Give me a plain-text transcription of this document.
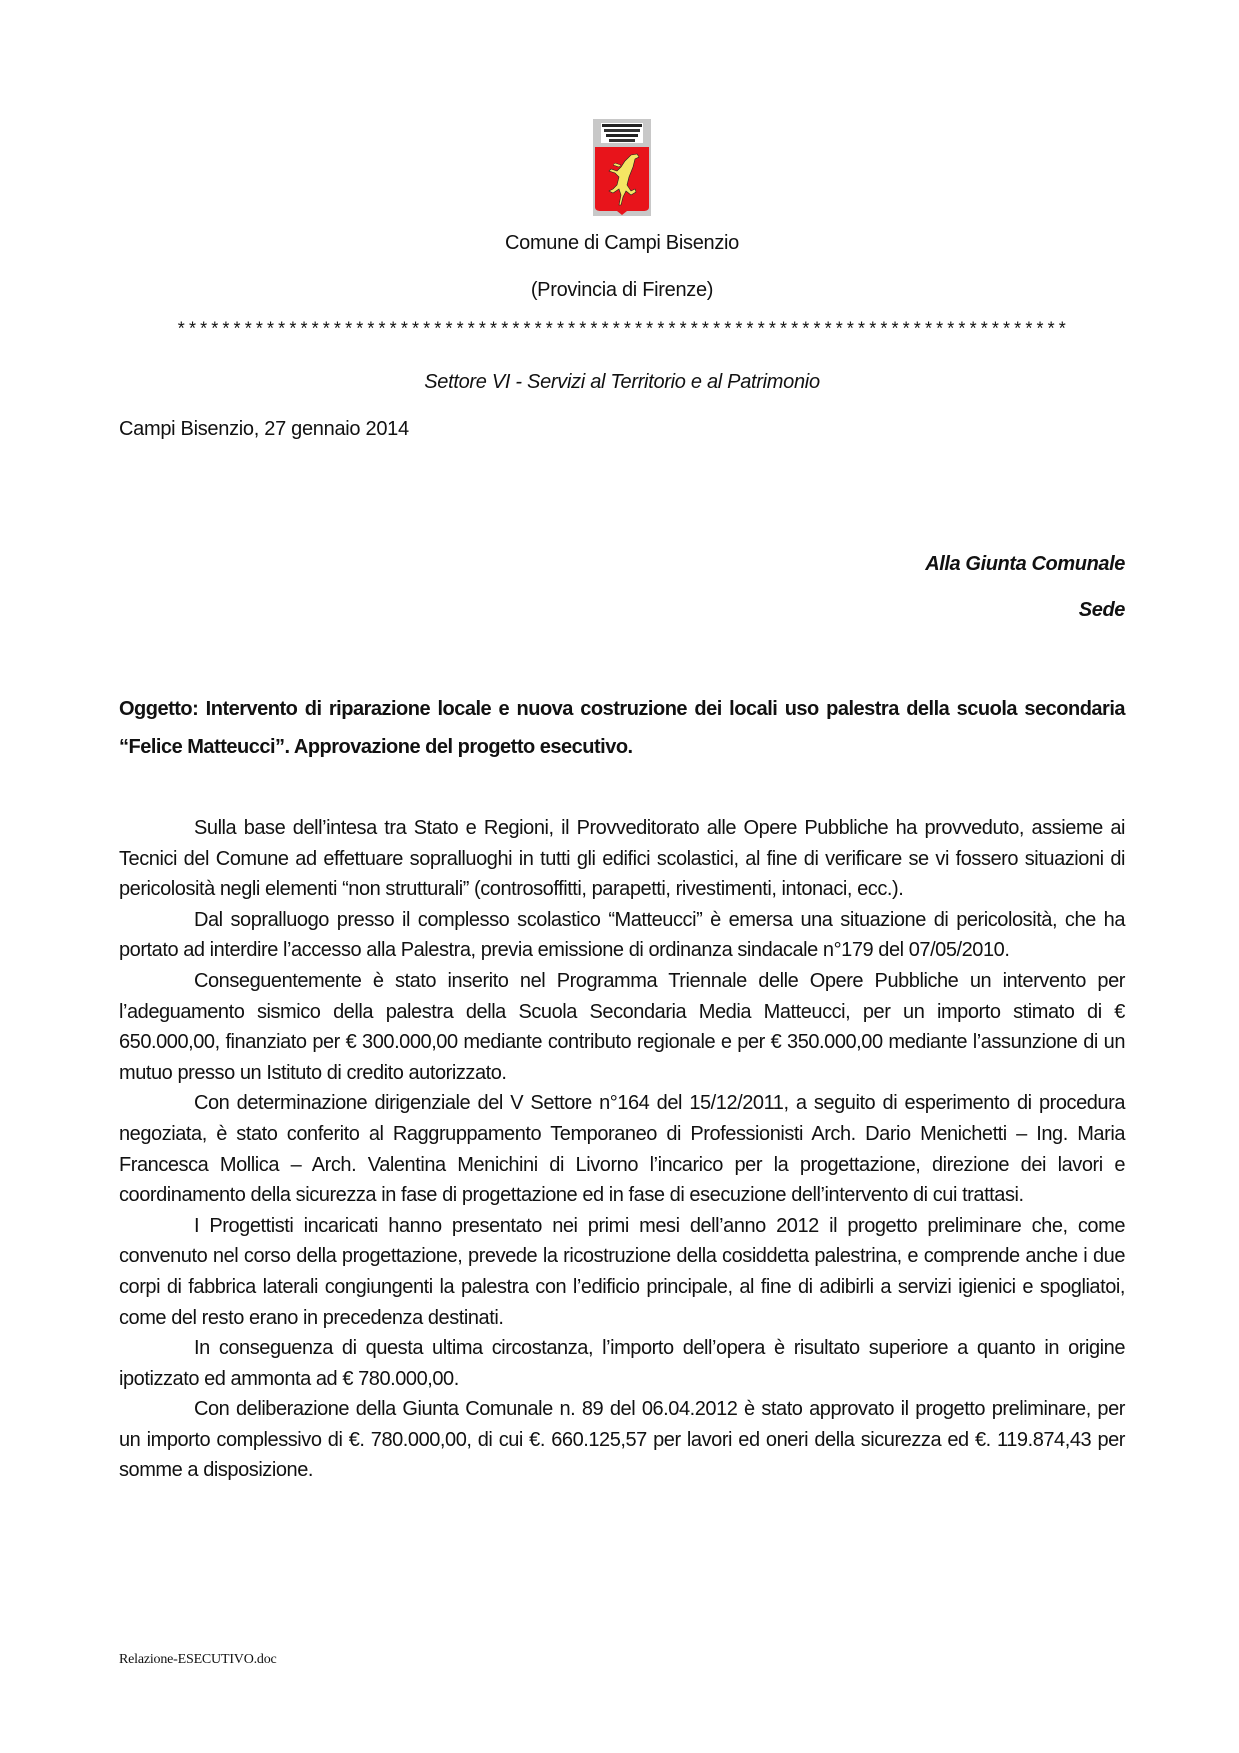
Comune di Campi Bisenzio
(Provincia di Firenze)
********************************************************************************
Settore VI - Servizi al Territorio e al Patrimonio
Campi Bisenzio, 27 gennaio 2014
Alla Giunta Comunale
Sede
Oggetto: Intervento di riparazione locale e nuova costruzione dei locali uso palestra della scuola secondaria “Felice Matteucci”. Approvazione del progetto esecutivo.

Sulla base dell’intesa tra Stato e Regioni, il Provveditorato alle Opere Pubbliche ha provveduto, assieme ai Tecnici del Comune ad effettuare sopralluoghi in tutti gli edifici scolastici, al fine di verificare se vi fossero situazioni di pericolosità negli elementi “non strutturali” (controsoffitti, parapetti, rivestimenti, intonaci, ecc.).

Dal sopralluogo presso il complesso scolastico “Matteucci” è emersa una situazione di pericolosità, che ha portato ad interdire l’accesso alla Palestra, previa emissione di ordinanza sindacale n°179 del 07/05/2010.

Conseguentemente è stato inserito nel Programma Triennale delle Opere Pubbliche un intervento per l’adeguamento sismico della palestra della Scuola Secondaria Media Matteucci, per un importo stimato di € 650.000,00, finanziato per € 300.000,00 mediante contributo regionale e per € 350.000,00 mediante l’assunzione di un mutuo presso un Istituto di credito autorizzato.

Con determinazione dirigenziale del V Settore n°164 del 15/12/2011, a seguito di esperimento di procedura negoziata, è stato conferito al Raggruppamento Temporaneo di Professionisti Arch. Dario Menichetti – Ing. Maria Francesca Mollica – Arch. Valentina Menichini di Livorno l’incarico per la progettazione, direzione dei lavori e coordinamento della sicurezza in fase di progettazione ed in fase di esecuzione dell’intervento di cui trattasi.

I Progettisti incaricati hanno presentato nei primi mesi dell’anno 2012 il progetto preliminare che, come convenuto nel corso della progettazione, prevede la ricostruzione della cosiddetta palestrina, e comprende anche i due corpi di fabbrica laterali congiungenti la palestra con l’edificio principale, al fine di adibirli a servizi igienici e spogliatoi, come del resto erano in precedenza destinati.

In conseguenza di questa ultima circostanza, l’importo dell’opera è risultato superiore a quanto in origine ipotizzato ed ammonta ad € 780.000,00.

Con deliberazione della Giunta Comunale n. 89 del 06.04.2012 è stato approvato il progetto preliminare, per un importo complessivo di €. 780.000,00, di cui €. 660.125,57 per lavori ed oneri della sicurezza ed €. 119.874,43 per somme a disposizione.

Relazione-ESECUTIVO.doc
